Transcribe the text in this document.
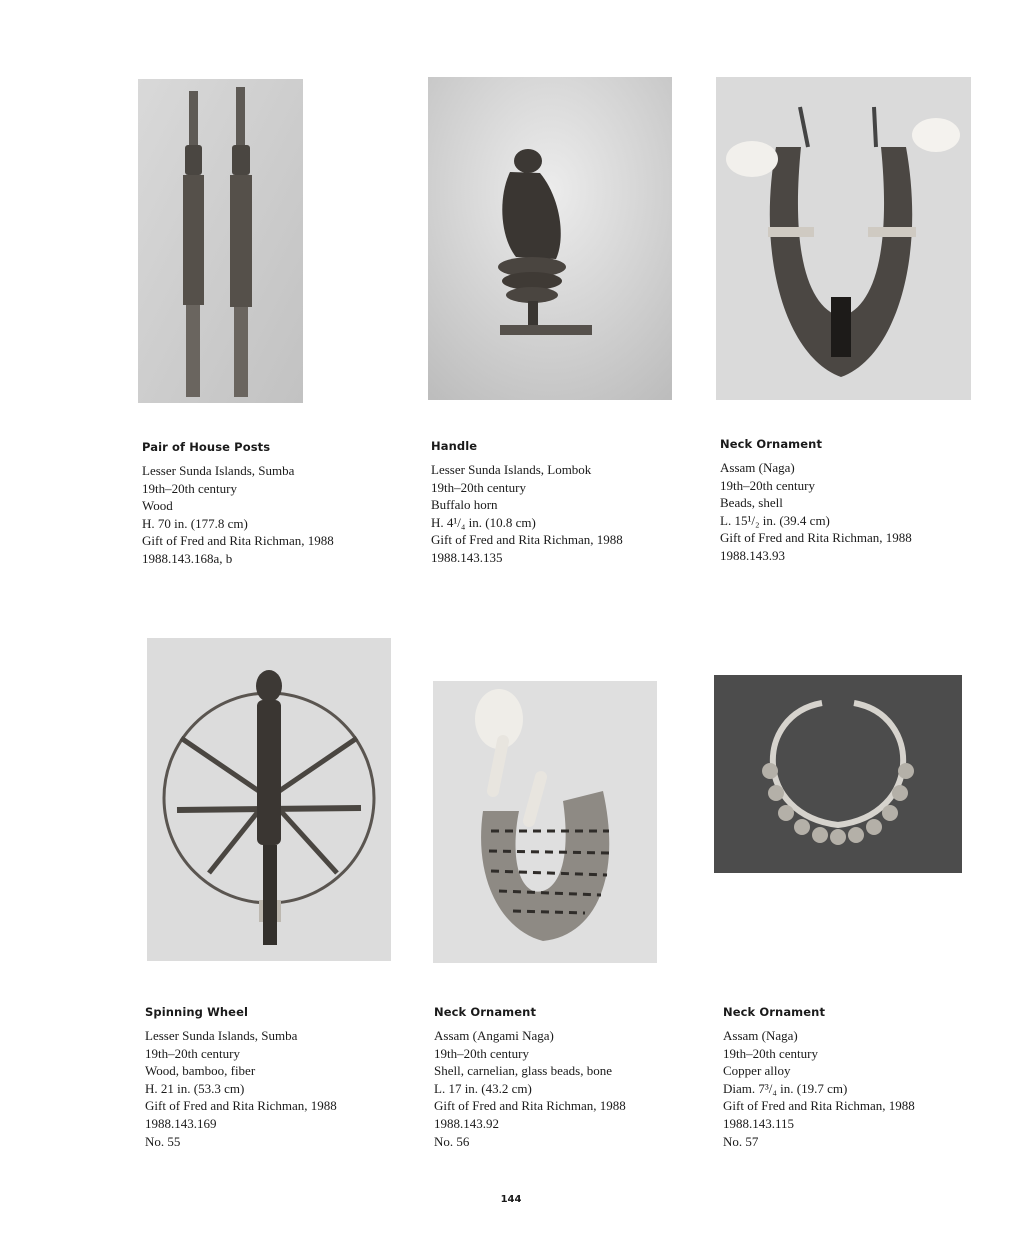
Pair of House Posts

Lesser Sunda Islands, Sumba

19th–20th century

Wood

H. 70 in. (177.8 cm)

Gift of Fred and Rita Richman, 1988

1988.143.168a, b

Handle

Lesser Sunda Islands, Lombok

19th–20th century

Buffalo horn

H. 4¹/₄ in. (10.8 cm)

Gift of Fred and Rita Richman, 1988

1988.143.135

Neck Ornament

Assam (Naga)

19th–20th century

Beads, shell

L. 15¹/₂ in. (39.4 cm)

Gift of Fred and Rita Richman, 1988

1988.143.93

Spinning Wheel

Lesser Sunda Islands, Sumba

19th–20th century

Wood, bamboo, fiber

H. 21 in. (53.3 cm)

Gift of Fred and Rita Richman, 1988

1988.143.169

No. 55

Neck Ornament

Assam (Angami Naga)

19th–20th century

Shell, carnelian, glass beads, bone

L. 17 in. (43.2 cm)

Gift of Fred and Rita Richman, 1988

1988.143.92

No. 56

Neck Ornament

Assam (Naga)

19th–20th century

Copper alloy

Diam. 7³/₄ in. (19.7 cm)

Gift of Fred and Rita Richman, 1988

1988.143.115

No. 57

144
